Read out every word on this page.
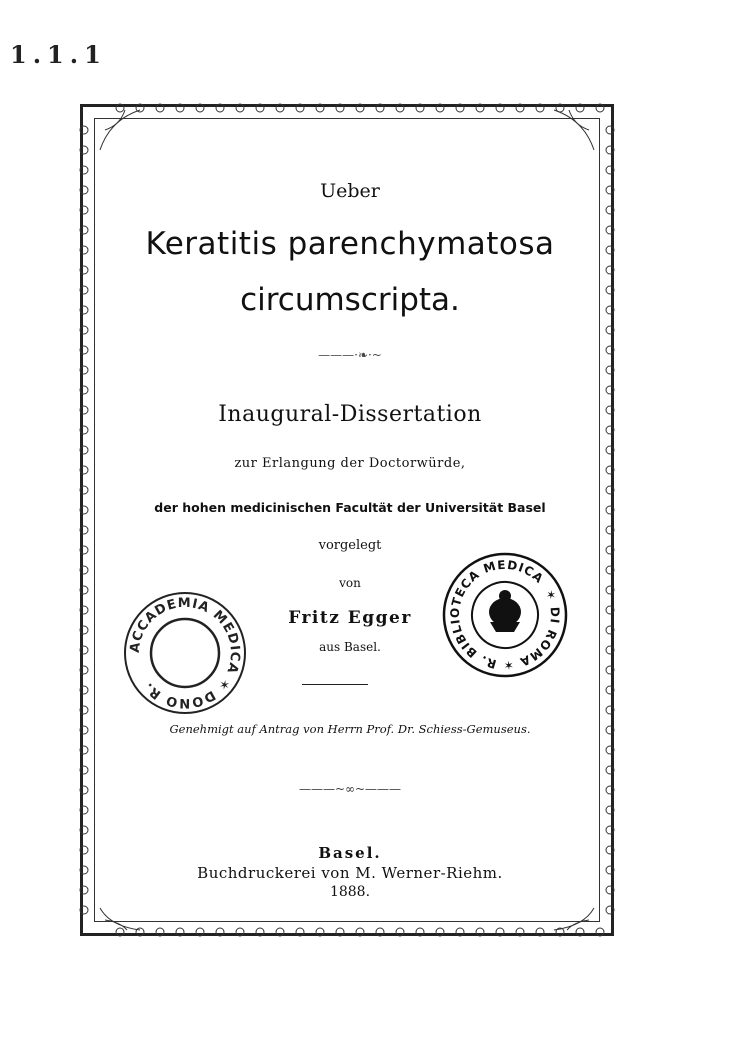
1.1.1
Ueber
Keratitis parenchymatosa
circumscripta.
———·❧·~
Inaugural-Dissertation
zur Erlangung der Doctorwürde,
der hohen medicinischen Facultät der Universität Basel
vorgelegt
von
Fritz Egger
aus Basel.
Genehmigt auf Antrag von Herrn Prof. Dr. Schiess-Gemuseus.
———~∞~———
Basel.
Buchdruckerei von M. Werner-Riehm.
1888.
ACCADEMIA MEDICA ✶ DONO R.
✶ DI ROMA ✶ R. BIBLIOTECA MEDICA
